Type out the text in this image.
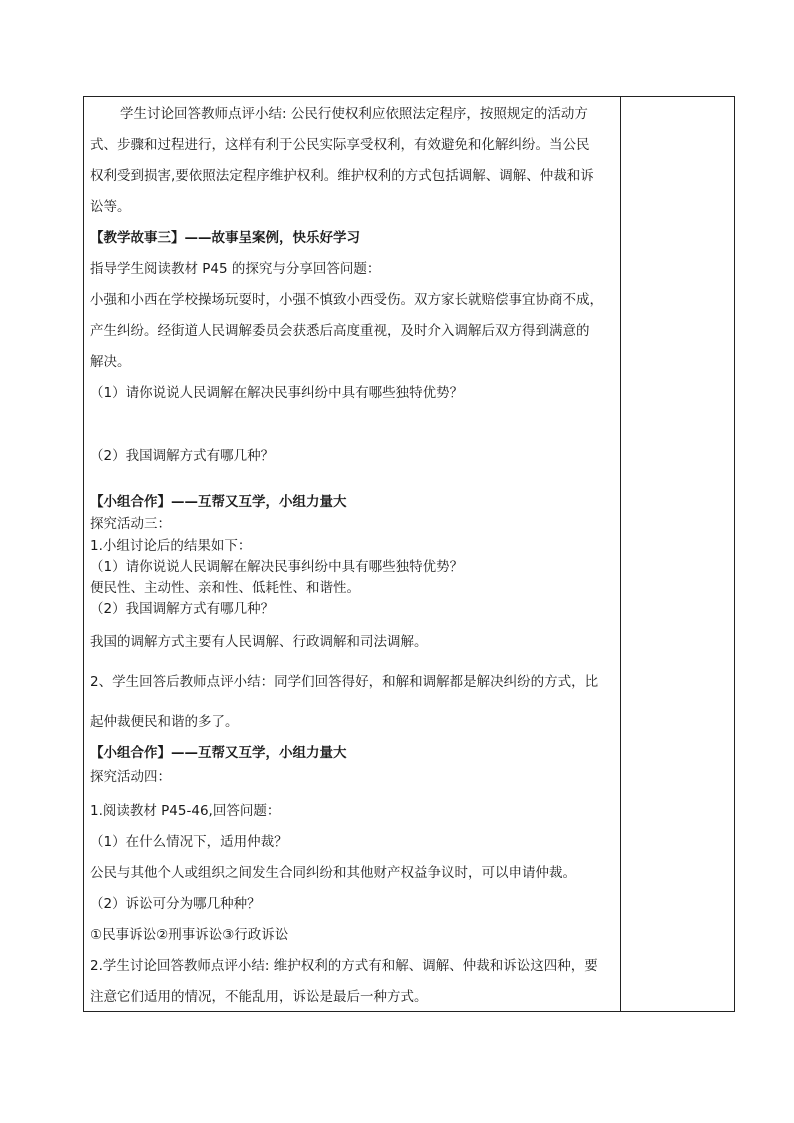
学生讨论回答教师点评小结: 公民行使权利应依照法定程序，按照规定的活动方
式、步骤和过程进行，这样有利于公民实际享受权利，有效避免和化解纠纷。当公民
权利受到损害,要依照法定程序维护权利。维护权利的方式包括调解、调解、仲裁和诉
讼等。
【教学故事三】——故事呈案例，快乐好学习
指导学生阅读教材 P45 的探究与分享回答问题：
小强和小西在学校操场玩耍时，小强不慎致小西受伤。双方家长就赔偿事宜协商不成，
产生纠纷。经街道人民调解委员会获悉后高度重视，及时介入调解后双方得到满意的
解决。
（1）请你说说人民调解在解决民事纠纷中具有哪些独特优势？
（2）我国调解方式有哪几种？
【小组合作】——互帮又互学，小组力量大
探究活动三：
1.小组讨论后的结果如下：
（1）请你说说人民调解在解决民事纠纷中具有哪些独特优势？
便民性、主动性、亲和性、低耗性、和谐性。
（2）我国调解方式有哪几种？
我国的调解方式主要有人民调解、行政调解和司法调解。
2、学生回答后教师点评小结：同学们回答得好，和解和调解都是解决纠纷的方式，比
起仲裁便民和谐的多了。
【小组合作】——互帮又互学，小组力量大
探究活动四：
1.阅读教材 P45-46,回答问题：
（1）在什么情况下，适用仲裁？
公民与其他个人或组织之间发生合同纠纷和其他财产权益争议时，可以申请仲裁。
（2）诉讼可分为哪几种种？
①民事诉讼②刑事诉讼③行政诉讼
2.学生讨论回答教师点评小结: 维护权利的方式有和解、调解、仲裁和诉讼这四种，要
注意它们适用的情况，不能乱用，诉讼是最后一种方式。
